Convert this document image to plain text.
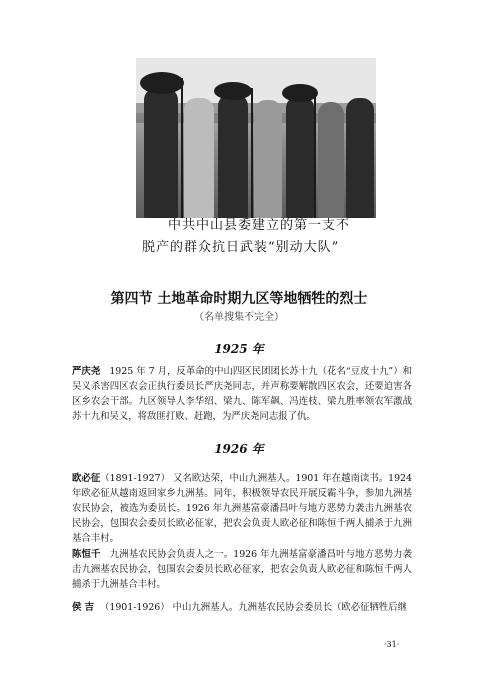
中共中山县委建立的第一支不
脱产的群众抗日武装“别动大队”
第四节 土地革命时期九区等地牺牲的烈士
（名单搜集不完全）
1925 年
严庆尧 1925 年 7 月，反革命的中山四区民团团长苏十九（花名“豆皮十九”）和吴义杀害四区农会正执行委员长严庆尧同志，并声称要解散四区农会，还要迫害各区乡农会干部。九区领导人李华绍、梁九、陈军飙、冯连枝、梁九胜率领农军激战苏十九和吴义，将敌匪打败、赶跑，为严庆尧同志报了仇。
1926 年
欧必征（1891-1927） 又名欧达荣，中山九洲基人。1901 年在越南读书。1924 年欧必征从越南返回家乡九洲基。同年，积极领导农民开展反霸斗争，参加九洲基农民协会，被选为委员长。1926 年九洲基富豪潘昌叶与地方恶势力袭击九洲基农民协会，包围农会委员长欧必征家，把农会负责人欧必征和陈恒千两人捕杀于九洲基合丰村。
陈恒千 九洲基农民协会负责人之一。1926 年九洲基富豪潘昌叶与地方恶势力袭击九洲基农民协会，包围农会委员长欧必征家，把农会负责人欧必征和陈恒千两人捕杀于九洲基合丰村。
侯 吉 （1901-1926） 中山九洲基人。九洲基农民协会委员长（欧必征牺牲后继
·31·
